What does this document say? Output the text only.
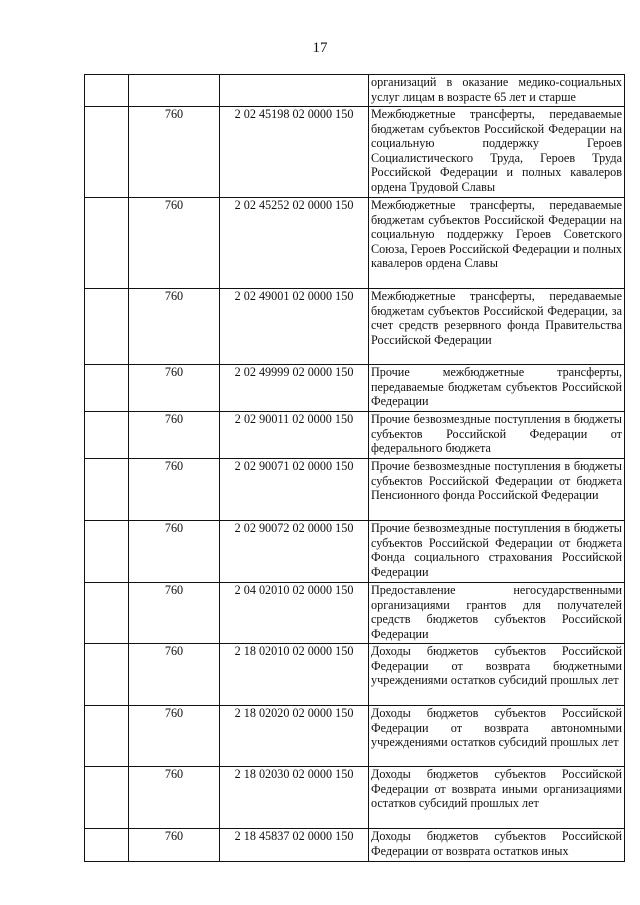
17
			организаций в оказание медико-социальных услуг лицам в возрасте 65 лет и старше
	760	2 02 45198 02 0000 150	Межбюджетные трансферты, передаваемые бюджетам субъектов Российской Федерации на социальную поддержку Героев Социалистического Труда, Героев Труда Российской Федерации и полных кавалеров ордена Трудовой Славы
	760	2 02 45252 02 0000 150	Межбюджетные трансферты, передаваемые бюджетам субъектов Российской Федерации на социальную поддержку Героев Советского Союза, Героев Российской Федерации и полных кавалеров ордена Славы
	760	2 02 49001 02 0000 150	Межбюджетные трансферты, передаваемые бюджетам субъектов Российской Федерации, за счет средств резервного фонда Правительства Российской Федерации
	760	2 02 49999 02 0000 150	Прочие межбюджетные трансферты, передаваемые бюджетам субъектов Российской Федерации
	760	2 02 90011 02 0000 150	Прочие безвозмездные поступления в бюджеты субъектов Российской Федерации от федерального бюджета
	760	2 02 90071 02 0000 150	Прочие безвозмездные поступления в бюджеты субъектов Российской Федерации от бюджета Пенсионного фонда Российской Федерации
	760	2 02 90072 02 0000 150	Прочие безвозмездные поступления в бюджеты субъектов Российской Федерации от бюджета Фонда социального страхования Российской Федерации
	760	2 04 02010 02 0000 150	Предоставление негосударственными организациями грантов для получателей средств бюджетов субъектов Российской Федерации
	760	2 18 02010 02 0000 150	Доходы бюджетов субъектов Российской Федерации от возврата бюджетными учреждениями остатков субсидий прошлых лет
	760	2 18 02020 02 0000 150	Доходы бюджетов субъектов Российской Федерации от возврата автономными учреждениями остатков субсидий прошлых лет
	760	2 18 02030 02 0000 150	Доходы бюджетов субъектов Российской Федерации от возврата иными организациями остатков субсидий прошлых лет
	760	2 18 45837 02 0000 150	Доходы бюджетов субъектов Российской Федерации от возврата остатков иных
